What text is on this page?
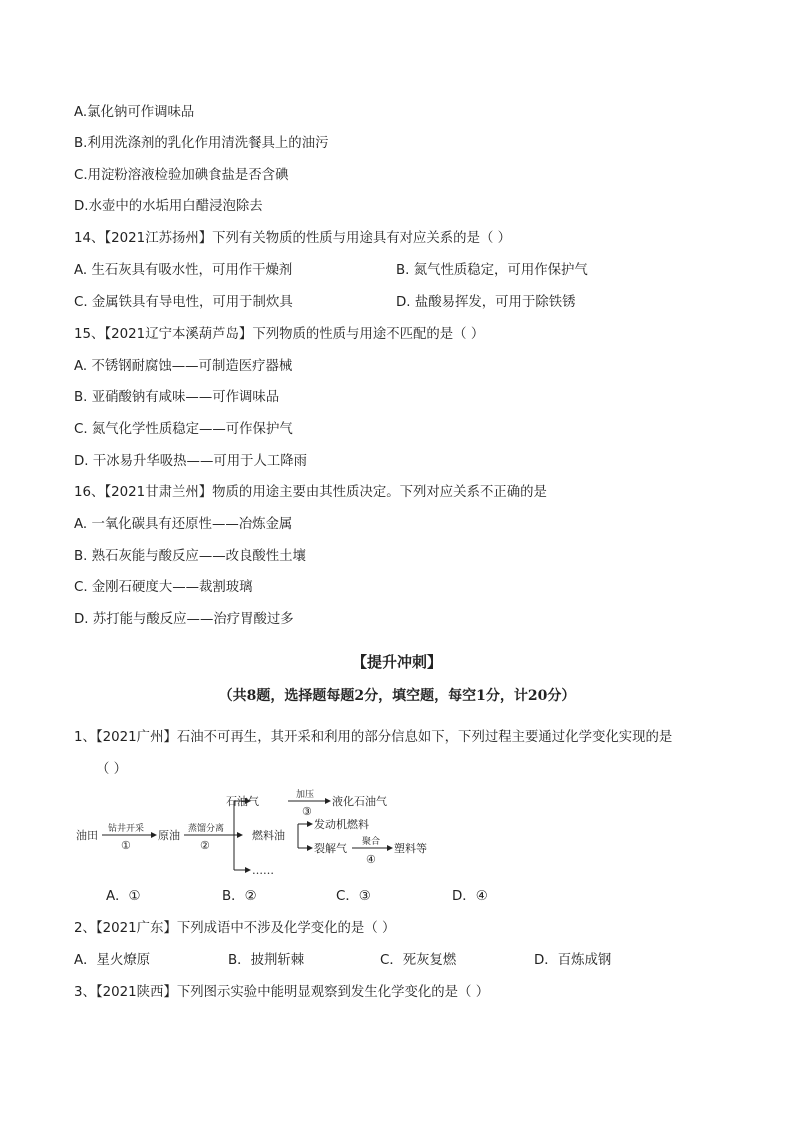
A.氯化钠可作调味品
B.利用洗涤剂的乳化作用清洗餐具上的油污
C.用淀粉溶液检验加碘食盐是否含碘
D.水壶中的水垢用白醋浸泡除去
14、【2021江苏扬州】下列有关物质的性质与用途具有对应关系的是（ ）
A. 生石灰具有吸水性，可用作干燥剂	B. 氮气性质稳定，可用作保护气
C. 金属铁具有导电性，可用于制炊具	D. 盐酸易挥发，可用于除铁锈
15、【2021辽宁本溪葫芦岛】下列物质的性质与用途不匹配的是（ ）
A. 不锈钢耐腐蚀——可制造医疗器械
B. 亚硝酸钠有咸味——可作调味品
C. 氮气化学性质稳定——可作保护气
D. 干冰易升华吸热——可用于人工降雨
16、【2021甘肃兰州】物质的用途主要由其性质决定。下列对应关系不正确的是
A. 一氧化碳具有还原性——冶炼金属
B. 熟石灰能与酸反应——改良酸性土壤
C. 金刚石硬度大——裁割玻璃
D. 苏打能与酸反应——治疗胃酸过多
【提升冲刺】
（共8题，选择题每题2分，填空题，每空1分，计20分）
1、【2021广州】石油不可再生，其开采和利用的部分信息如下，下列过程主要通过化学变化实现的是
（ ）
油田 钻井开采
①
原油 蒸馏分离
②
石油气	加压
③
液化石油气
燃料油
发动机燃料
裂解气 聚合
④
塑料等
……
A．①	B．②	C．③	D．④
2、【2021广东】下列成语中不涉及化学变化的是（ ）
A．星火燎原	B．披荆斩棘	C．死灰复燃	D．百炼成钢
3、【2021陕西】下列图示实验中能明显观察到发生化学变化的是（ ）
